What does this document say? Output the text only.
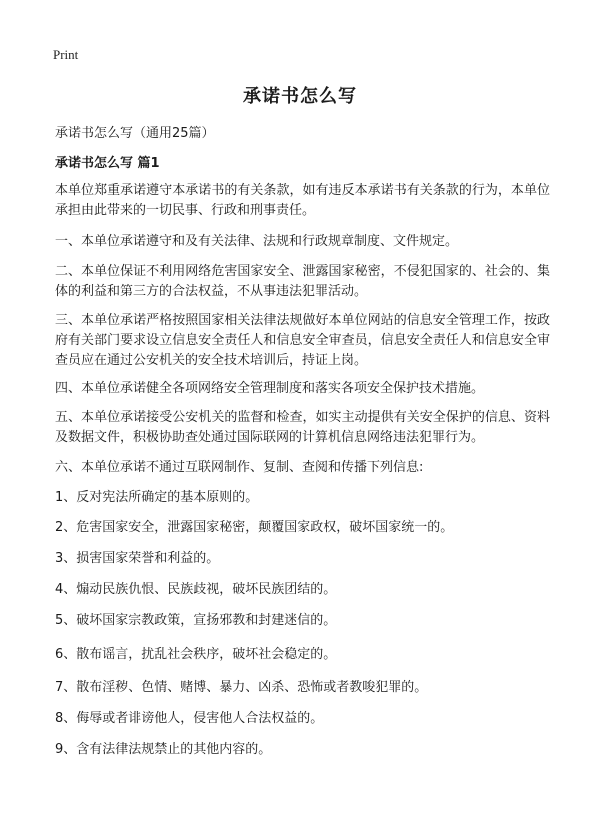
Print
承诺书怎么写
承诺书怎么写（通用25篇）
承诺书怎么写 篇1
本单位郑重承诺遵守本承诺书的有关条款，如有违反本承诺书有关条款的行为，本单位承担由此带来的一切民事、行政和刑事责任。
一、本单位承诺遵守和及有关法律、法规和行政规章制度、文件规定。
二、本单位保证不利用网络危害国家安全、泄露国家秘密，不侵犯国家的、社会的、集体的利益和第三方的合法权益，不从事违法犯罪活动。
三、本单位承诺严格按照国家相关法律法规做好本单位网站的信息安全管理工作，按政府有关部门要求设立信息安全责任人和信息安全审查员，信息安全责任人和信息安全审查员应在通过公安机关的安全技术培训后，持证上岗。
四、本单位承诺健全各项网络安全管理制度和落实各项安全保护技术措施。
五、本单位承诺接受公安机关的监督和检查，如实主动提供有关安全保护的信息、资料及数据文件，积极协助查处通过国际联网的计算机信息网络违法犯罪行为。
六、本单位承诺不通过互联网制作、复制、查阅和传播下列信息:
1、反对宪法所确定的基本原则的。
2、危害国家安全，泄露国家秘密，颠覆国家政权，破坏国家统一的。
3、损害国家荣誉和利益的。
4、煽动民族仇恨、民族歧视，破坏民族团结的。
5、破坏国家宗教政策，宣扬邪教和封建迷信的。
6、散布谣言，扰乱社会秩序，破坏社会稳定的。
7、散布淫秽、色情、赌博、暴力、凶杀、恐怖或者教唆犯罪的。
8、侮辱或者诽谤他人，侵害他人合法权益的。
9、含有法律法规禁止的其他内容的。
